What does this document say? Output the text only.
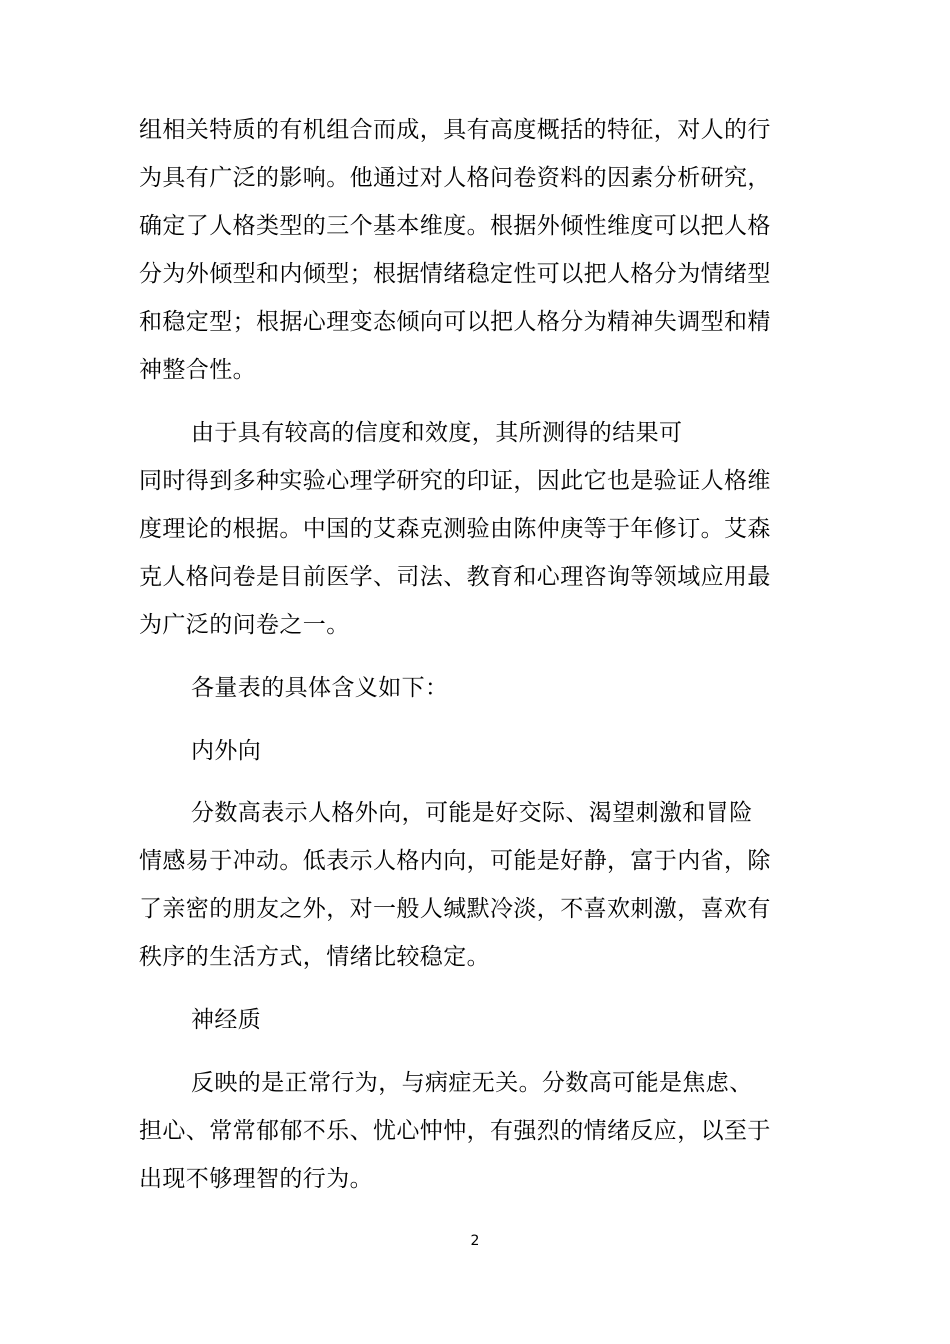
组相关特质的有机组合而成，具有高度概括的特征，对人的行
为具有广泛的影响。他通过对人格问卷资料的因素分析研究，
确定了人格类型的三个基本维度。根据外倾性维度可以把人格
分为外倾型和内倾型；根据情绪稳定性可以把人格分为情绪型
和稳定型；根据心理变态倾向可以把人格分为精神失调型和精
神整合性。
由于具有较高的信度和效度，其所测得的结果可
同时得到多种实验心理学研究的印证，因此它也是验证人格维
度理论的根据。中国的艾森克测验由陈仲庚等于年修订。艾森
克人格问卷是目前医学、司法、教育和心理咨询等领域应用最
为广泛的问卷之一。
各量表的具体含义如下：
内外向
分数高表示人格外向，可能是好交际、渴望刺激和冒险
情感易于冲动。低表示人格内向，可能是好静，富于内省，除
了亲密的朋友之外，对一般人缄默冷淡，不喜欢刺激，喜欢有
秩序的生活方式，情绪比较稳定。
神经质
反映的是正常行为，与病症无关。分数高可能是焦虑、
担心、常常郁郁不乐、忧心忡忡，有强烈的情绪反应，以至于
出现不够理智的行为。
2
